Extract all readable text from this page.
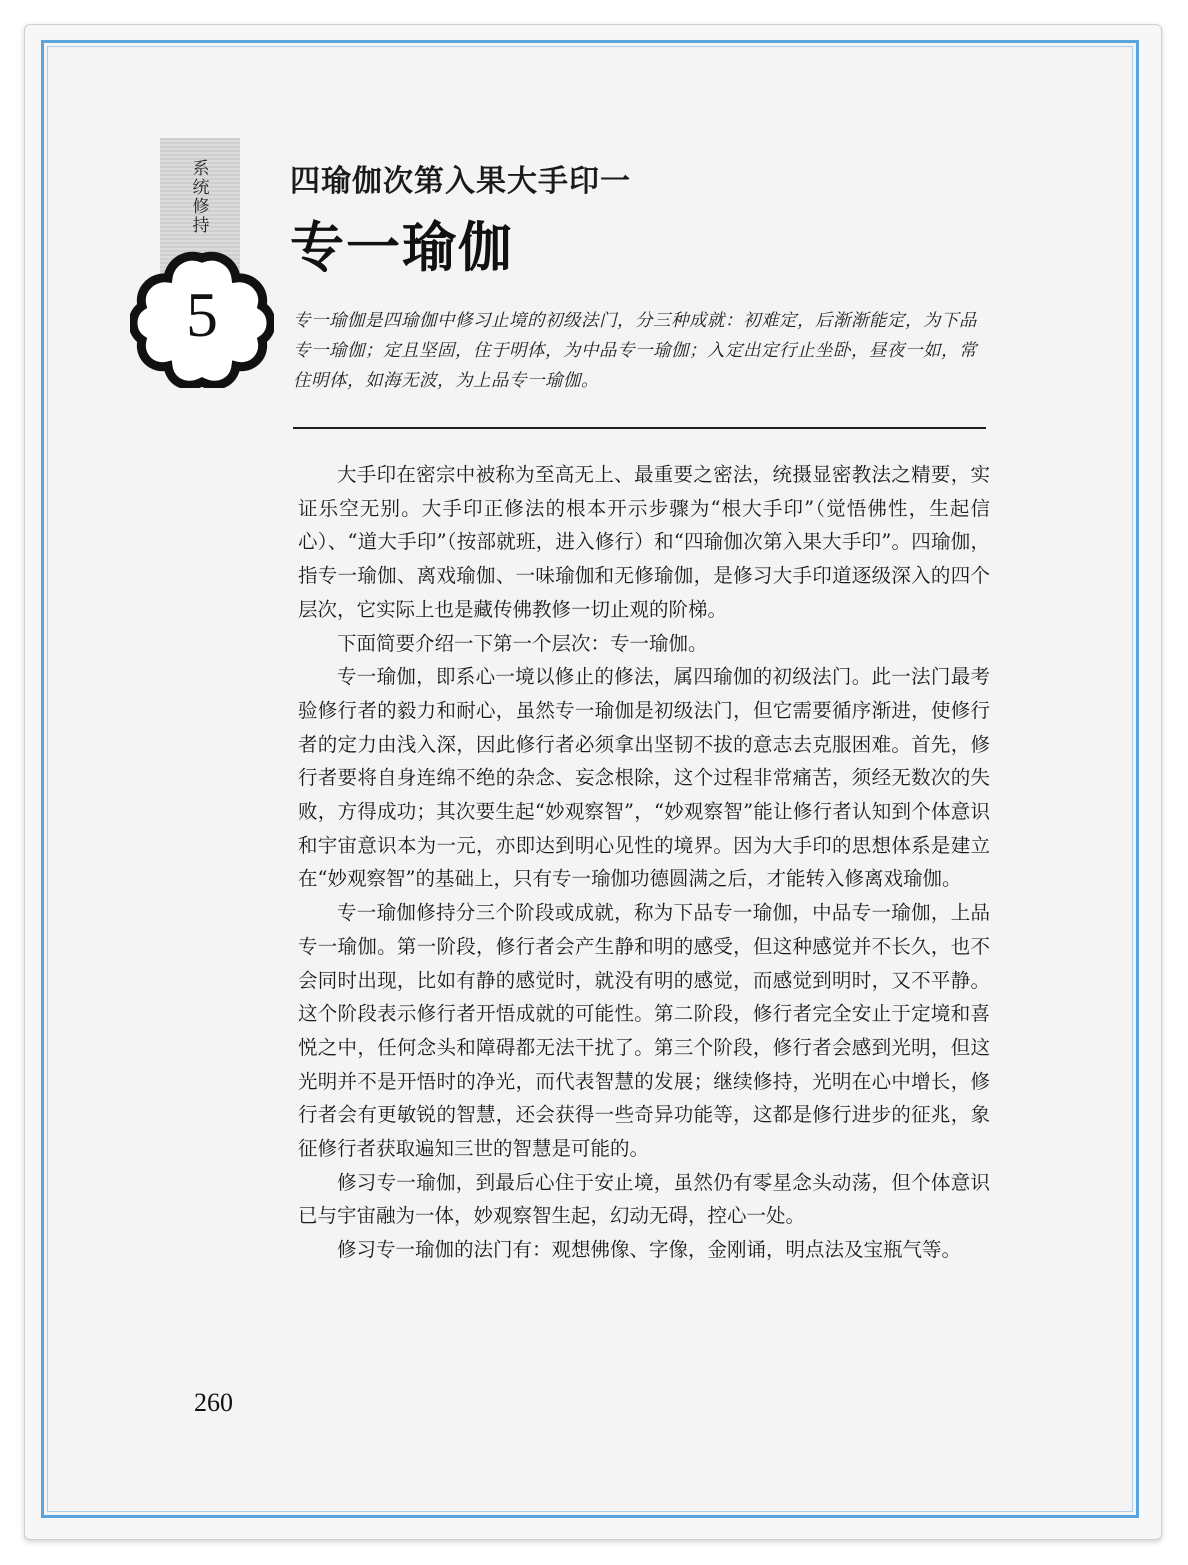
系统修持
5
四瑜伽次第入果大手印一
专一瑜伽
专一瑜伽是四瑜伽中修习止境的初级法门，分三种成就：初难定，后渐渐能定，为下品专一瑜伽；定且坚固，住于明体，为中品专一瑜伽；入定出定行止坐卧，昼夜一如，常住明体，如海无波，为上品专一瑜伽。

大手印在密宗中被称为至高无上、最重要之密法，统摄显密教法之精要，实证乐空无别。大手印正修法的根本开示步骤为“根大手印”（觉悟佛性，生起信心）、“道大手印”（按部就班，进入修行）和“四瑜伽次第入果大手印”。四瑜伽，指专一瑜伽、离戏瑜伽、一味瑜伽和无修瑜伽，是修习大手印道逐级深入的四个层次，它实际上也是藏传佛教修一切止观的阶梯。

下面简要介绍一下第一个层次：专一瑜伽。

专一瑜伽，即系心一境以修止的修法，属四瑜伽的初级法门。此一法门最考验修行者的毅力和耐心，虽然专一瑜伽是初级法门，但它需要循序渐进，使修行者的定力由浅入深，因此修行者必须拿出坚韧不拔的意志去克服困难。首先，修行者要将自身连绵不绝的杂念、妄念根除，这个过程非常痛苦，须经无数次的失败，方得成功；其次要生起“妙观察智”，“妙观察智”能让修行者认知到个体意识和宇宙意识本为一元，亦即达到明心见性的境界。因为大手印的思想体系是建立在“妙观察智”的基础上，只有专一瑜伽功德圆满之后，才能转入修离戏瑜伽。

专一瑜伽修持分三个阶段或成就，称为下品专一瑜伽，中品专一瑜伽，上品专一瑜伽。第一阶段，修行者会产生静和明的感受，但这种感觉并不长久，也不会同时出现，比如有静的感觉时，就没有明的感觉，而感觉到明时，又不平静。这个阶段表示修行者开悟成就的可能性。第二阶段，修行者完全安止于定境和喜悦之中，任何念头和障碍都无法干扰了。第三个阶段，修行者会感到光明，但这光明并不是开悟时的净光，而代表智慧的发展；继续修持，光明在心中增长，修行者会有更敏锐的智慧，还会获得一些奇异功能等，这都是修行进步的征兆，象征修行者获取遍知三世的智慧是可能的。

修习专一瑜伽，到最后心住于安止境，虽然仍有零星念头动荡，但个体意识已与宇宙融为一体，妙观察智生起，幻动无碍，控心一处。

修习专一瑜伽的法门有：观想佛像、字像，金刚诵，明点法及宝瓶气等。

260
